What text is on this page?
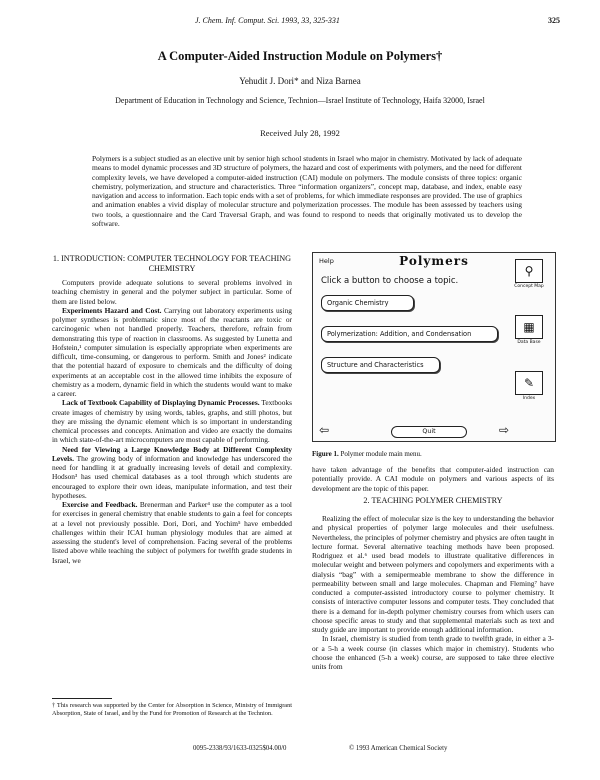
J. Chem. Inf. Comput. Sci. 1993, 33, 325-331	325
A Computer-Aided Instruction Module on Polymers†
Yehudit J. Dori* and Niza Barnea
Department of Education in Technology and Science, Technion—Israel Institute of Technology, Haifa 32000, Israel
Received July 28, 1992

Polymers is a subject studied as an elective unit by senior high school students in Israel who major in chemistry. Motivated by lack of adequate means to model dynamic processes and 3D structure of polymers, the hazard and cost of experiments with polymers, and the need for different complexity levels, we have developed a computer-aided instruction (CAI) module on polymers. The module consists of three topics: organic chemistry, polymerization, and structure and characteristics. Three “information organizers”, concept map, database, and index, enable easy navigation and access to information. Each topic ends with a set of problems, for which immediate responses are provided. The use of graphics and animation enables a vivid display of molecular structure and polymerization processes. The module has been assessed by teachers using two tools, a questionnaire and the Card Traversal Graph, and was found to respond to needs that originally motivated us to develop the software.

1. INTRODUCTION: COMPUTER TECHNOLOGY FOR TEACHING CHEMISTRY

Computers provide adequate solutions to several problems involved in teaching chemistry in general and the polymer subject in particular. Some of them are listed below.

Experiments Hazard and Cost. Carrying out laboratory experiments using polymer syntheses is problematic since most of the reactants are toxic or carcinogenic when not handled properly. Teachers, therefore, refrain from demonstrating this type of reaction in classrooms. As suggested by Lunetta and Hofstein,¹ computer simulation is especially appropriate when experiments are difficult, time-consuming, or dangerous to perform. Smith and Jones² indicate that the potential hazard of exposure to chemicals and the difficulty of doing experiments at an acceptable cost in the allowed time inhibits the exposure of chemistry as a modern, dynamic field in which the students would want to make a career.

Lack of Textbook Capability of Displaying Dynamic Processes. Textbooks create images of chemistry by using words, tables, graphs, and still photos, but they are missing the dynamic element which is so important in understanding chemical processes and concepts. Animation and video are exactly the domains in which state-of-the-art microcomputers are most capable of performing.

Need for Viewing a Large Knowledge Body at Different Complexity Levels. The growing body of information and knowledge has underscored the need for handling it at gradually increasing levels of detail and complexity. Hodson³ has used chemical databases as a tool through which students are encouraged to explore their own ideas, manipulate information, and test their hypotheses.

Exercise and Feedback. Brenerman and Parker⁴ use the computer as a tool for exercises in general chemistry that enable students to gain a feel for concepts at a level not previously possible. Dori, Dori, and Yochim⁵ have embedded challenges within their ICAI human physiology modules that are aimed at assessing the student's level of comprehension. Facing several of the problems listed above while teaching the subject of polymers for twelfth grade students in Israel, we

Help	Polymers
Click a button to choose a topic.
Organic Chemistry
Polymerization: Addition, and Condensation
Structure and Characteristics
⇦	Quit	⇨
⚲
Concept Map
▦
Data Base
✎
Index
Figure 1. Polymer module main menu.

have taken advantage of the benefits that computer-aided instruction can potentially provide. A CAI module on polymers and various aspects of its development are the topic of this paper.

2. TEACHING POLYMER CHEMISTRY

Realizing the effect of molecular size is the key to understanding the behavior and physical properties of polymer large molecules and their usefulness. Nevertheless, the principles of polymer chemistry and physics are often taught in lecture format. Several alternative teaching methods have been proposed. Rodriguez et al.⁶ used bead models to illustrate qualitative differences in molecular weight and between polymers and copolymers and experiments with a dialysis “bag” with a semipermeable membrane to show the difference in permeability between small and large molecules. Chapman and Fleming⁷ have conducted a computer-assisted introductory course to polymer chemistry. It consists of interactive computer lessons and computer tests. They concluded that there is a demand for in-depth polymer chemistry courses from which users can choose specific areas to study and that supplemental materials such as text and study guide are important to provide enough additional information.

In Israel, chemistry is studied from tenth grade to twelfth grade, in either a 3- or a 5-h a week course (in classes which major in chemistry). Students who choose the enhanced (5-h a week) course, are supposed to take three elective units from

† This research was supported by the Center for Absorption in Science, Ministry of Immigrant Absorption, State of Israel, and by the Fund for Promotion of Research at the Technion.

0095-2338/93/1633-0325$04.00/0	© 1993 American Chemical Society
